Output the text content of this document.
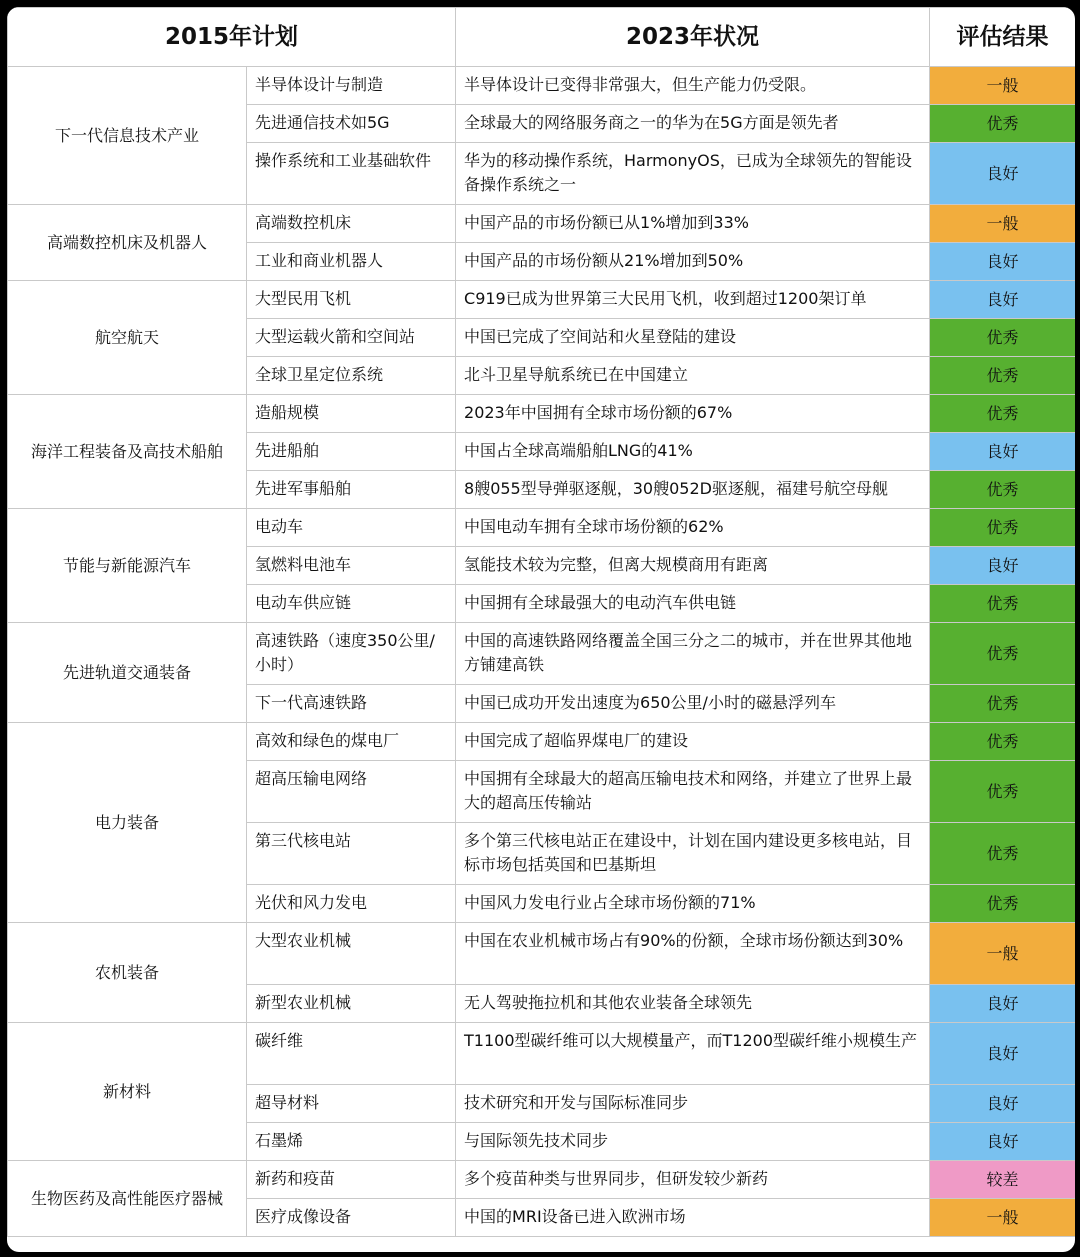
2015年计划		2023年状况	评估结果
下一代信息技术产业	半导体设计与制造	半导体设计已变得非常强大，但生产能力仍受限。	一般
	先进通信技术如5G	全球最大的网络服务商之一的华为在5G方面是领先者	优秀
	操作系统和工业基础软件	华为的移动操作系统，HarmonyOS，已成为全球领先的智能设备操作系统之一	良好
高端数控机床及机器人	高端数控机床	中国产品的市场份额已从1%增加到33%	一般
	工业和商业机器人	中国产品的市场份额从21%增加到50%	良好
航空航天	大型民用飞机	C919已成为世界第三大民用飞机，收到超过1200架订单	良好
	大型运载火箭和空间站	中国已完成了空间站和火星登陆的建设	优秀
	全球卫星定位系统	北斗卫星导航系统已在中国建立	优秀
海洋工程装备及高技术船舶	造船规模	2023年中国拥有全球市场份额的67%	优秀
	先进船舶	中国占全球高端船舶LNG的41%	良好
	先进军事船舶	8艘055型导弹驱逐舰，30艘052D驱逐舰，福建号航空母舰	优秀
节能与新能源汽车	电动车	中国电动车拥有全球市场份额的62%	优秀
	氢燃料电池车	氢能技术较为完整，但离大规模商用有距离	良好
	电动车供应链	中国拥有全球最强大的电动汽车供电链	优秀
先进轨道交通装备	高速铁路（速度350公里/小时）	中国的高速铁路网络覆盖全国三分之二的城市，并在世界其他地方铺建高铁	优秀
	下一代高速铁路	中国已成功开发出速度为650公里/小时的磁悬浮列车	优秀
电力装备	高效和绿色的煤电厂	中国完成了超临界煤电厂的建设	优秀
	超高压输电网络	中国拥有全球最大的超高压输电技术和网络，并建立了世界上最大的超高压传输站	优秀
	第三代核电站	多个第三代核电站正在建设中，计划在国内建设更多核电站，目标市场包括英国和巴基斯坦	优秀
	光伏和风力发电	中国风力发电行业占全球市场份额的71%	优秀
农机装备	大型农业机械	中国在农业机械市场占有90%的份额，全球市场份额达到30%	一般
	新型农业机械	无人驾驶拖拉机和其他农业装备全球领先	良好
新材料	碳纤维	T1100型碳纤维可以大规模量产，而T1200型碳纤维小规模生产	良好
	超导材料	技术研究和开发与国际标准同步	良好
	石墨烯	与国际领先技术同步	良好
生物医药及高性能医疗器械	新药和疫苗	多个疫苗种类与世界同步，但研发较少新药	较差
	医疗成像设备	中国的MRI设备已进入欧洲市场	一般
